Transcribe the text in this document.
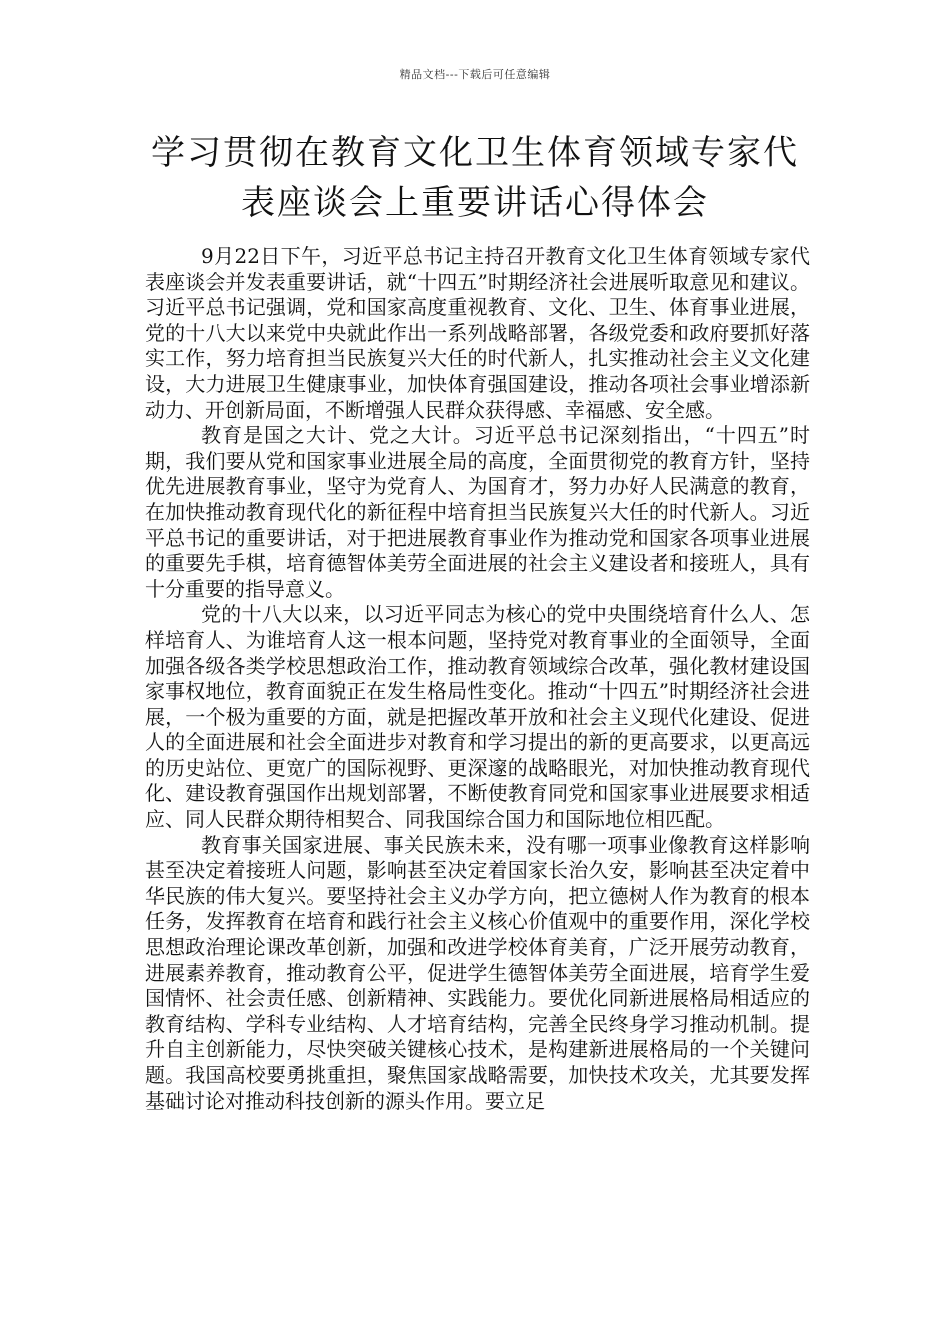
精品文档---下载后可任意编辑
学习贯彻在教育文化卫生体育领域专家代
表座谈会上重要讲话心得体会

9月22日下午，习近平总书记主持召开教育文化卫生体育领域专家代表座谈会并发表重要讲话，就“十四五”时期经济社会进展听取意见和建议。习近平总书记强调，党和国家高度重视教育、文化、卫生、体育事业进展，党的十八大以来党中央就此作出一系列战略部署，各级党委和政府要抓好落实工作，努力培育担当民族复兴大任的时代新人，扎实推动社会主义文化建设，大力进展卫生健康事业，加快体育强国建设，推动各项社会事业增添新动力、开创新局面，不断增强人民群众获得感、幸福感、安全感。

教育是国之大计、党之大计。习近平总书记深刻指出，“十四五”时期，我们要从党和国家事业进展全局的高度，全面贯彻党的教育方针，坚持优先进展教育事业，坚守为党育人、为国育才，努力办好人民满意的教育，在加快推动教育现代化的新征程中培育担当民族复兴大任的时代新人。习近平总书记的重要讲话，对于把进展教育事业作为推动党和国家各项事业进展的重要先手棋，培育德智体美劳全面进展的社会主义建设者和接班人，具有十分重要的指导意义。

党的十八大以来，以习近平同志为核心的党中央围绕培育什么人、怎样培育人、为谁培育人这一根本问题，坚持党对教育事业的全面领导，全面加强各级各类学校思想政治工作，推动教育领域综合改革，强化教材建设国家事权地位，教育面貌正在发生格局性变化。推动“十四五”时期经济社会进展，一个极为重要的方面，就是把握改革开放和社会主义现代化建设、促进人的全面进展和社会全面进步对教育和学习提出的新的更高要求，以更高远的历史站位、更宽广的国际视野、更深邃的战略眼光，对加快推动教育现代化、建设教育强国作出规划部署，不断使教育同党和国家事业进展要求相适应、同人民群众期待相契合、同我国综合国力和国际地位相匹配。

教育事关国家进展、事关民族未来，没有哪一项事业像教育这样影响甚至决定着接班人问题，影响甚至决定着国家长治久安，影响甚至决定着中华民族的伟大复兴。要坚持社会主义办学方向，把立德树人作为教育的根本任务，发挥教育在培育和践行社会主义核心价值观中的重要作用，深化学校思想政治理论课改革创新，加强和改进学校体育美育，广泛开展劳动教育，进展素养教育，推动教育公平，促进学生德智体美劳全面进展，培育学生爱国情怀、社会责任感、创新精神、实践能力。要优化同新进展格局相适应的教育结构、学科专业结构、人才培育结构，完善全民终身学习推动机制。提升自主创新能力，尽快突破关键核心技术，是构建新进展格局的一个关键问题。我国高校要勇挑重担，聚焦国家战略需要，加快技术攻关，尤其要发挥基础讨论对推动科技创新的源头作用。要立足
